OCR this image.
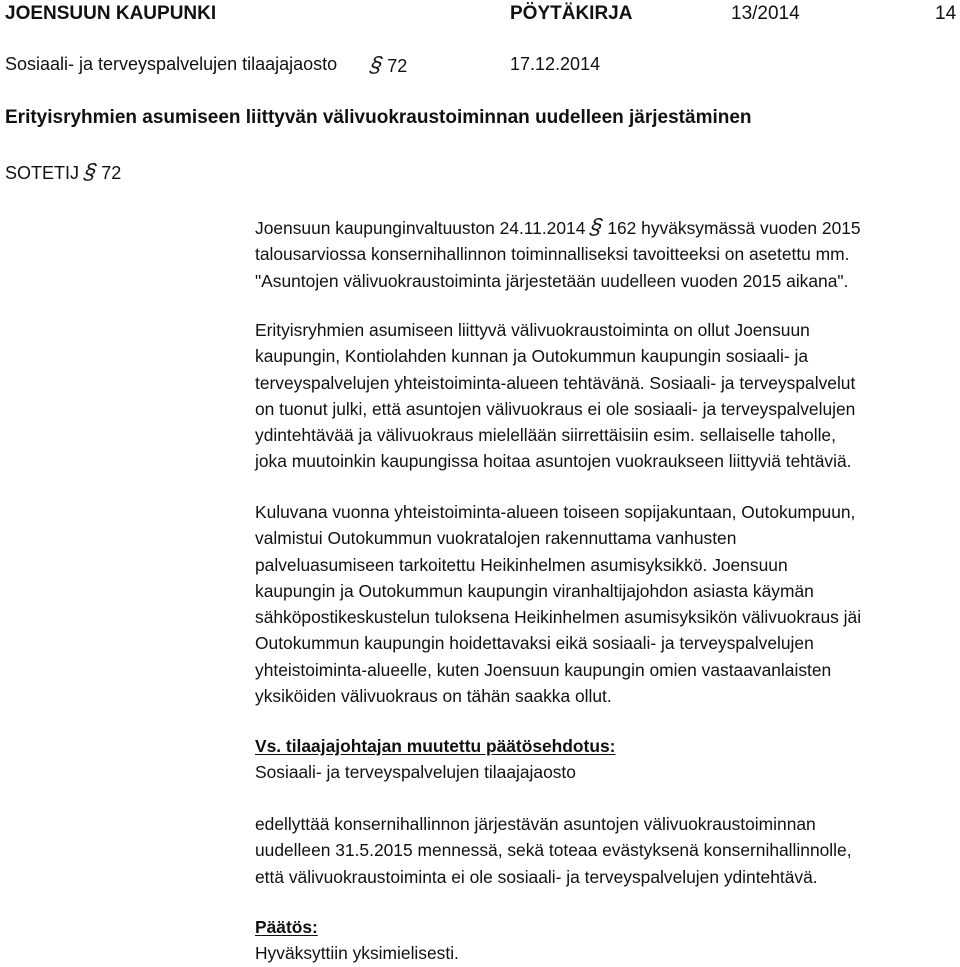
JOENSUUN KAUPUNKI	PÖYTÄKIRJA	13/2014	14
Sosiaali- ja terveyspalvelujen tilaajajaosto § 72	17.12.2014
Erityisryhmien asumiseen liittyvän välivuokraustoiminnan uudelleen järjestäminen
SOTETIJ § 72

Joensuun kaupunginvaltuuston 24.11.2014 § 162 hyväksymässä vuoden 2015

talousarviossa konsernihallinnon toiminnalliseksi tavoitteeksi on asetettu mm.

"Asuntojen välivuokraustoiminta järjestetään uudelleen vuoden 2015 aikana".

Erityisryhmien asumiseen liittyvä välivuokraustoiminta on ollut Joensuun

kaupungin, Kontiolahden kunnan ja Outokummun kaupungin sosiaali- ja

terveyspalvelujen yhteistoiminta-alueen tehtävänä. Sosiaali- ja terveyspalvelut

on tuonut julki, että asuntojen välivuokraus ei ole sosiaali- ja terveyspalvelujen

ydintehtävää ja välivuokraus mielellään siirrettäisiin esim. sellaiselle taholle,

joka muutoinkin kaupungissa hoitaa asuntojen vuokraukseen liittyviä tehtäviä.

Kuluvana vuonna yhteistoiminta-alueen toiseen sopijakuntaan, Outokumpuun,

valmistui Outokummun vuokratalojen rakennuttama vanhusten

palveluasumiseen tarkoitettu Heikinhelmen asumisyksikkö. Joensuun

kaupungin ja Outokummun kaupungin viranhaltijajohdon asiasta käymän

sähköpostikeskustelun tuloksena Heikinhelmen asumisyksikön välivuokraus jäi

Outokummun kaupungin hoidettavaksi eikä sosiaali- ja terveyspalvelujen

yhteistoiminta-alueelle, kuten Joensuun kaupungin omien vastaavanlaisten

yksiköiden välivuokraus on tähän saakka ollut.

Vs. tilaajajohtajan muutettu päätösehdotus:

Sosiaali- ja terveyspalvelujen tilaajajaosto

edellyttää konsernihallinnon järjestävän asuntojen välivuokraustoiminnan

uudelleen 31.5.2015 mennessä, sekä toteaa evästyksenä konsernihallinnolle,

että välivuokraustoiminta ei ole sosiaali- ja terveyspalvelujen ydintehtävä.

Päätös:

Hyväksyttiin yksimielisesti.
